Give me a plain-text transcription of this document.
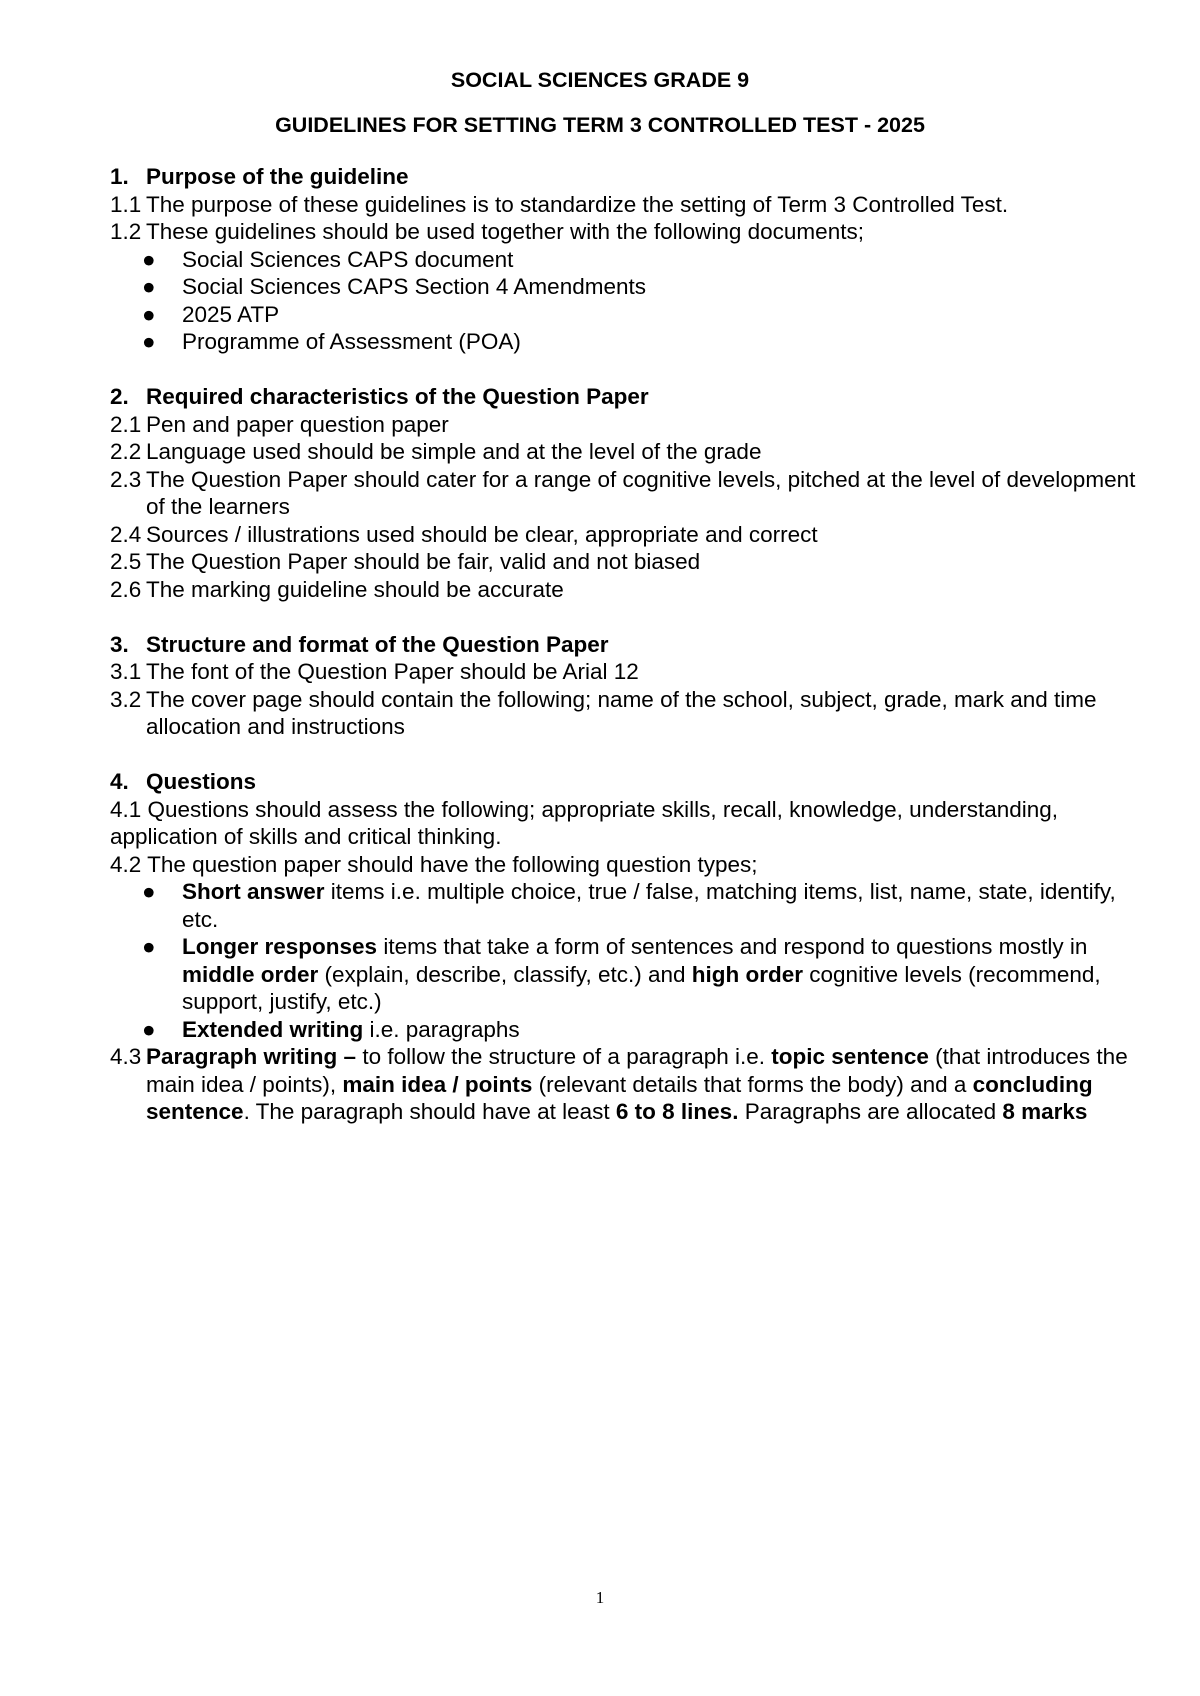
SOCIAL SCIENCES GRADE 9
GUIDELINES FOR SETTING TERM 3 CONTROLLED TEST - 2025
1. Purpose of the guideline
1.1 The purpose of these guidelines is to standardize the setting of Term 3 Controlled Test.
1.2 These guidelines should be used together with the following documents;
●	Social Sciences CAPS document
●	Social Sciences CAPS Section 4 Amendments
●	2025 ATP
●	Programme of Assessment (POA)
2. Required characteristics of the Question Paper
2.1 Pen and paper question paper
2.2 Language used should be simple and at the level of the grade
2.3 The Question Paper should cater for a range of cognitive levels, pitched at the level of development of the learners
2.4 Sources / illustrations used should be clear, appropriate and correct
2.5 The Question Paper should be fair, valid and not biased
2.6 The marking guideline should be accurate
3. Structure and format of the Question Paper
3.1 The font of the Question Paper should be Arial 12
3.2 The cover page should contain the following; name of the school, subject, grade, mark and time allocation and instructions
4. Questions
4.1 Questions should assess the following; appropriate skills, recall, knowledge, understanding, application of skills and critical thinking.
4.2 The question paper should have the following question types;
●	Short answer items i.e. multiple choice, true / false, matching items, list, name, state, identify, etc.
●	Longer responses items that take a form of sentences and respond to questions mostly in middle order (explain, describe, classify, etc.) and high order cognitive levels (recommend, support, justify, etc.)
●	Extended writing i.e. paragraphs
4.3 Paragraph writing – to follow the structure of a paragraph i.e. topic sentence (that introduces the main idea / points), main idea / points (relevant details that forms the body) and a concluding sentence. The paragraph should have at least 6 to 8 lines. Paragraphs are allocated 8 marks
1
